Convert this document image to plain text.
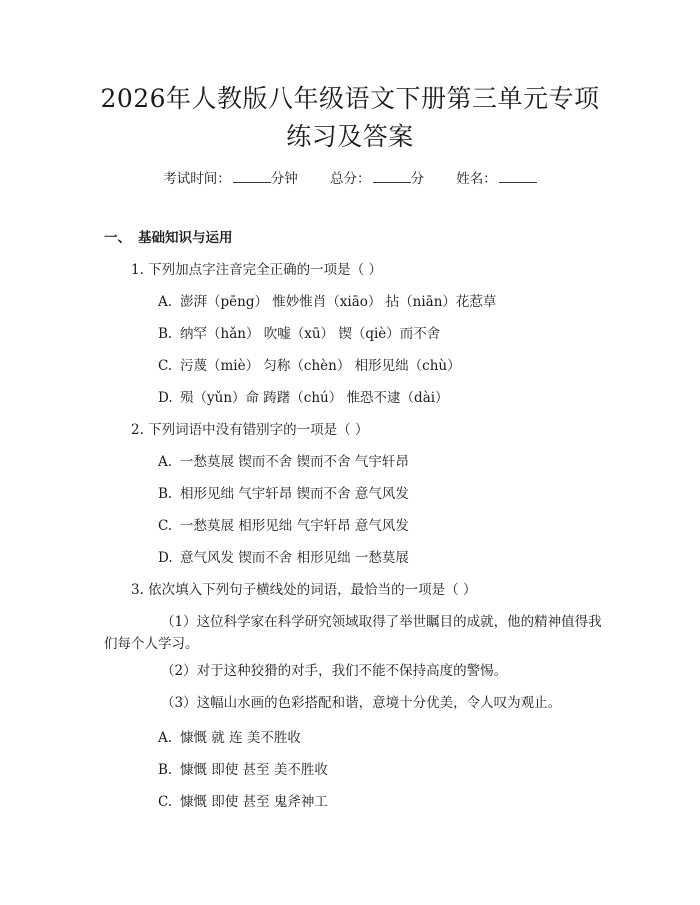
2026年人教版八年级语文下册第三单元专项
练习及答案
考试时间：	分钟 总分：	分 姓名：
一、 基础知识与运用
1. 下列加点字注音完全正确的一项是（ ）
A. 澎湃（pēng） 惟妙惟肖（xiāo） 拈（niān）花惹草
B. 纳罕（hǎn） 吹嘘（xū） 锲（qiè）而不舍
C. 污蔑（miè） 匀称（chèn） 相形见绌（chù）
D. 殒（yǔn）命 踌躇（chú） 惟恐不逮（dài）
2. 下列词语中没有错别字的一项是（ ）
A. 一愁莫展 锲而不舍 锲而不舍 气宇轩昂
B. 相形见绌 气宇轩昂 锲而不舍 意气风发
C. 一愁莫展 相形见绌 气宇轩昂 意气风发
D. 意气风发 锲而不舍 相形见绌 一愁莫展
3. 依次填入下列句子横线处的词语，最恰当的一项是（ ）
（1）这位科学家在科学研究领域取得了举世瞩目的成就，他的精神值得我们每个人学习。
（2）对于这种狡猾的对手，我们不能不保持高度的警惕。
（3）这幅山水画的色彩搭配和谐，意境十分优美，令人叹为观止。
A. 慷慨 就 连 美不胜收
B. 慷慨 即使 甚至 美不胜收
C. 慷慨 即使 甚至 鬼斧神工
